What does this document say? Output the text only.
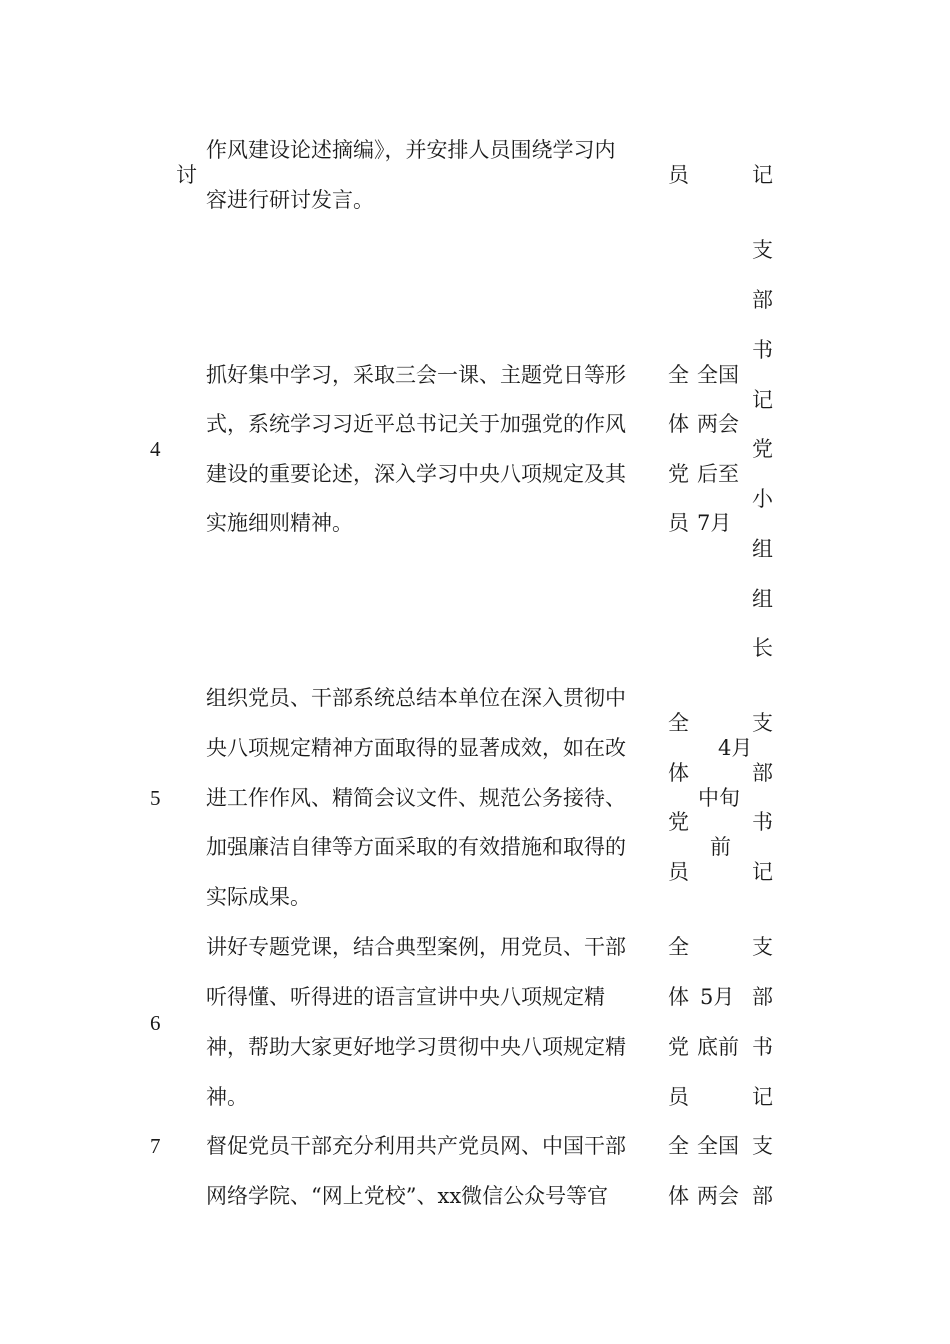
讨
作风建设论述摘编》，并安排人员围绕学习内
容进行研讨发言。
员	记
4
抓好集中学习，采取三会一课、主题党日等形
式，系统学习习近平总书记关于加强党的作风
建设的重要论述，深入学习中央八项规定及其
实施细则精神。
全
体
党
员
全国
两会
后至
7月
支
部
书
记
党
小
组
组
长
5
组织党员、干部系统总结本单位在深入贯彻中
央八项规定精神方面取得的显著成效，如在改
进工作作风、精简会议文件、规范公务接待、
加强廉洁自律等方面采取的有效措施和取得的
实际成果。
全
体
党
员
4月
中旬
前
支
部
书
记
6
讲好专题党课，结合典型案例，用党员、干部
听得懂、听得进的语言宣讲中央八项规定精
神，帮助大家更好地学习贯彻中央八项规定精
神。
全
体
党
员
5月
底前
支
部
书
记
7 督促党员干部充分利用共产党员网、中国干部
网络学院、“网上党校”、xx微信公众号等官
全
体
全国
两会
支
部
